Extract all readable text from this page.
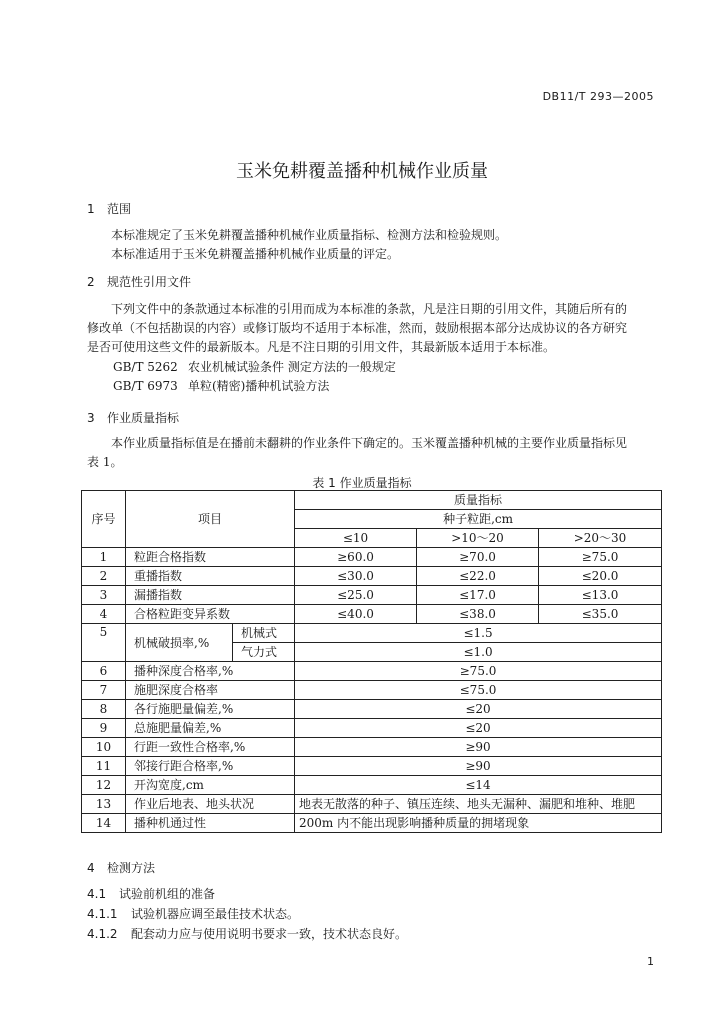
DB11/T 293—2005
玉米免耕覆盖播种机械作业质量
1 范围
本标准规定了玉米免耕覆盖播种机械作业质量指标、检测方法和检验规则。
本标准适用于玉米免耕覆盖播种机械作业质量的评定。
2 规范性引用文件
下列文件中的条款通过本标准的引用而成为本标准的条款，凡是注日期的引用文件，其随后所有的
修改单（不包括勘误的内容）或修订版均不适用于本标准，然而，鼓励根据本部分达成协议的各方研究
是否可使用这些文件的最新版本。凡是不注日期的引用文件，其最新版本适用于本标准。
GB/T 5262 农业机械试验条件 测定方法的一般规定
GB/T 6973 单粒(精密)播种机试验方法
3 作业质量指标
本作业质量指标值是在播前未翻耕的作业条件下确定的。玉米覆盖播种机械的主要作业质量指标见
表 1。
表 1 作业质量指标
序号	项目		质量指标		
			种子粒距,cm		
			≤10	>10～20	>20～30
1	粒距合格指数		≥60.0	≥70.0	≥75.0
2	重播指数		≤30.0	≤22.0	≤20.0
3	漏播指数		≤25.0	≤17.0	≤13.0
4	合格粒距变异系数		≤40.0	≤38.0	≤35.0
5	机械破损率,%	机械式	≤1.5		
		气力式	≤1.0		
6	播种深度合格率,%		≥75.0		
7	施肥深度合格率		≤75.0		
8	各行施肥量偏差,%		≤20		
9	总施肥量偏差,%		≤20		
10	行距一致性合格率,%		≥90		
11	邻接行距合格率,%		≥90		
12	开沟宽度,cm		≤14		
13	作业后地表、地头状况		地表无散落的种子、镇压连续、地头无漏种、漏肥和堆种、堆肥		
14	播种机通过性		200m 内不能出现影响播种质量的拥堵现象		
4 检测方法
4.1 试验前机组的准备
4.1.1 试验机器应调至最佳技术状态。
4.1.2 配套动力应与使用说明书要求一致，技术状态良好。
1
